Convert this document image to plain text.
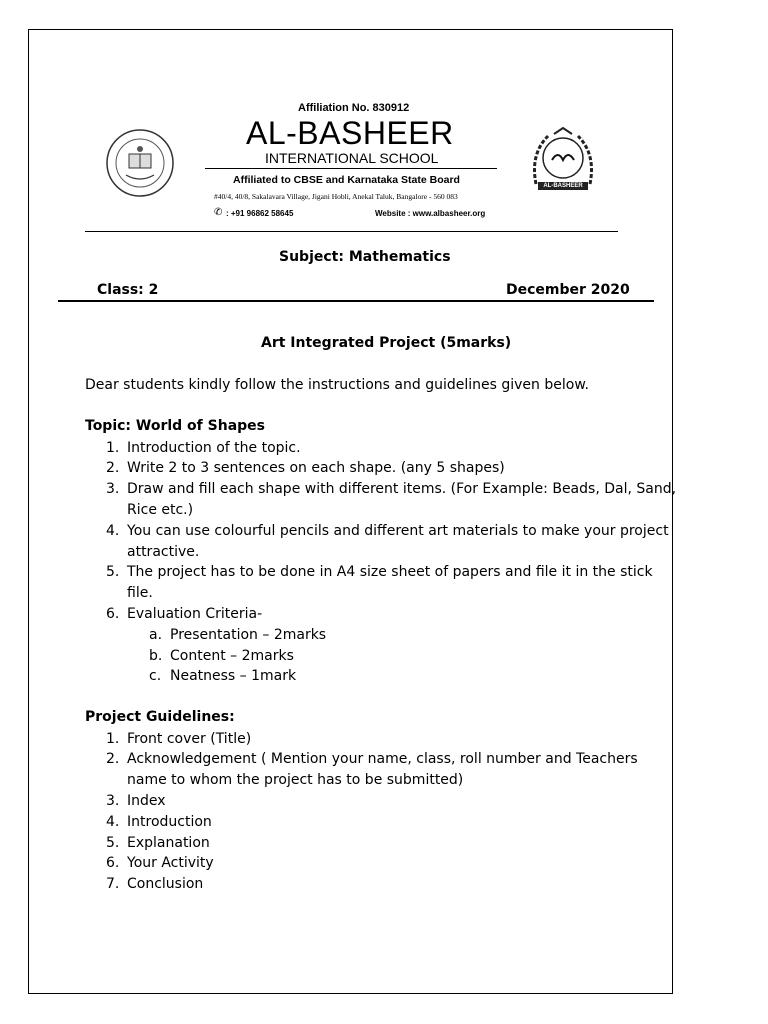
AL-BASHEER
Affiliation No. 830912
AL-BASHEER
INTERNATIONAL SCHOOL
Affiliated to CBSE and Karnataka State Board
#40/4, 40/8, Sakalavara Village, Jigani Hobli, Anekal Taluk, Bangalore - 560 083
✆ : +91 96862 58645	Website : www.albasheer.org
Subject: Mathematics
Class: 2	December 2020
Art Integrated Project (5marks)
Dear students kindly follow the instructions and guidelines given below.
Topic: World of Shapes
1. Introduction of the topic.
2. Write 2 to 3 sentences on each shape. (any 5 shapes)
3. Draw and fill each shape with different items. (For Example: Beads, Dal, Sand,
Rice etc.)
4. You can use colourful pencils and different art materials to make your project
attractive.
5. The project has to be done in A4 size sheet of papers and file it in the stick
file.
6. Evaluation Criteria-
a. Presentation – 2marks
b. Content – 2marks
c. Neatness – 1mark
Project Guidelines:
1. Front cover (Title)
2. Acknowledgement ( Mention your name, class, roll number and Teachers
name to whom the project has to be submitted)
3. Index
4. Introduction
5. Explanation
6. Your Activity
7. Conclusion
